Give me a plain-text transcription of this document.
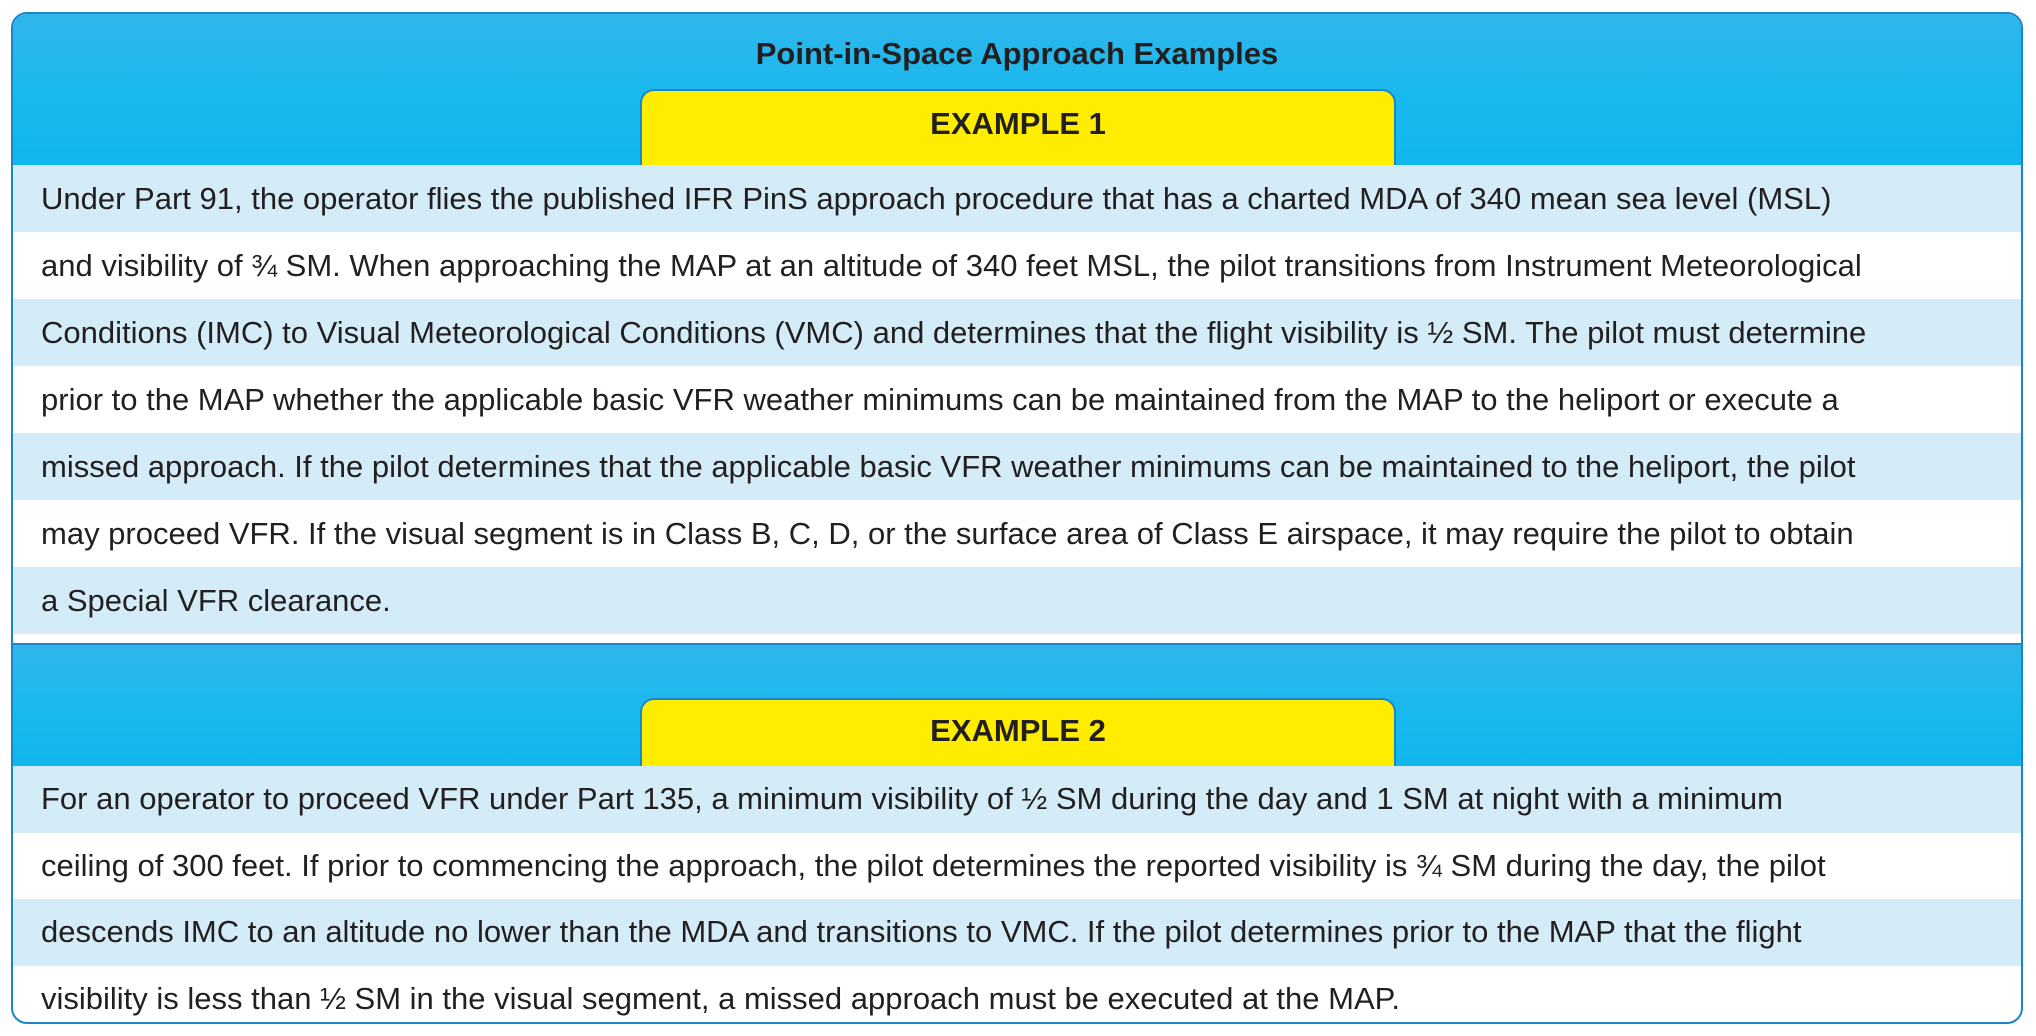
Point-in-Space Approach Examples
EXAMPLE 1
Under Part 91, the operator flies the published IFR PinS approach procedure that has a charted MDA of 340 mean sea level (MSL)
and visibility of ¾ SM. When approaching the MAP at an altitude of 340 feet MSL, the pilot transitions from Instrument Meteorological
Conditions (IMC) to Visual Meteorological Conditions (VMC) and determines that the flight visibility is ½ SM. The pilot must determine
prior to the MAP whether the applicable basic VFR weather minimums can be maintained from the MAP to the heliport or execute a
missed approach. If the pilot determines that the applicable basic VFR weather minimums can be maintained to the heliport, the pilot
may proceed VFR. If the visual segment is in Class B, C, D, or the surface area of Class E airspace, it may require the pilot to obtain
a Special VFR clearance.
EXAMPLE 2
For an operator to proceed VFR under Part 135, a minimum visibility of ½ SM during the day and 1 SM at night with a minimum
ceiling of 300 feet. If prior to commencing the approach, the pilot determines the reported visibility is ¾ SM during the day, the pilot
descends IMC to an altitude no lower than the MDA and transitions to VMC. If the pilot determines prior to the MAP that the flight
visibility is less than ½ SM in the visual segment, a missed approach must be executed at the MAP.
